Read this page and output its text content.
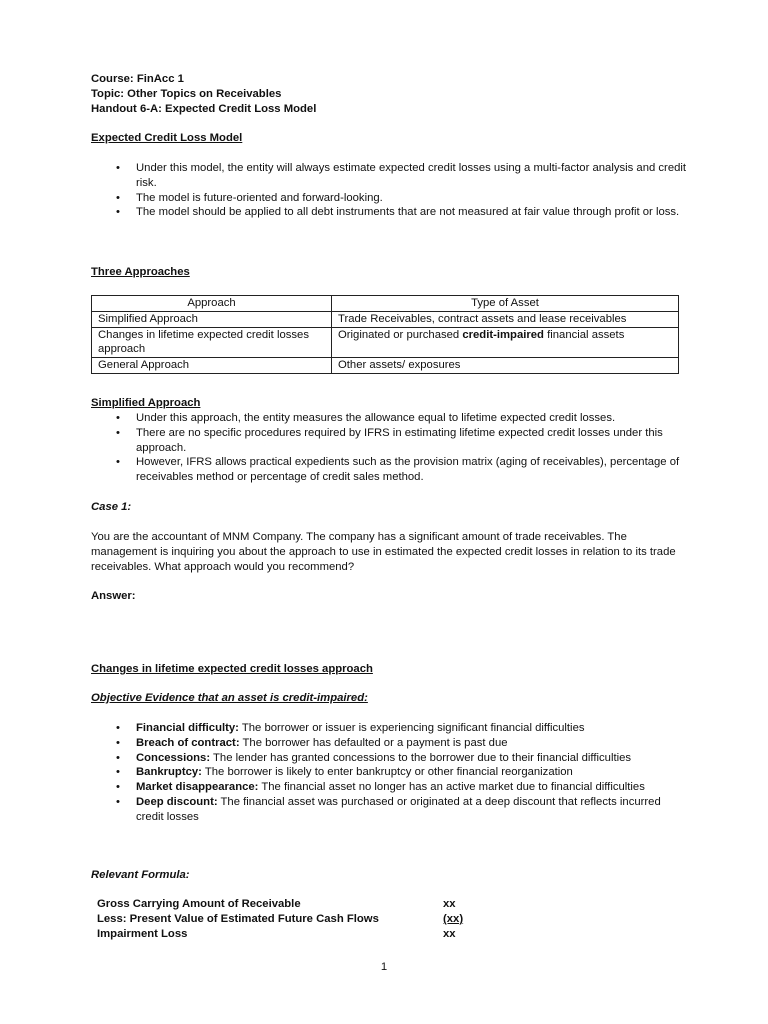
Course: FinAcc 1
Topic: Other Topics on Receivables
Handout 6-A: Expected Credit Loss Model
Expected Credit Loss Model
• Under this model, the entity will always estimate expected credit losses using a multi-factor analysis and credit risk.
• The model is future-oriented and forward-looking.
• The model should be applied to all debt instruments that are not measured at fair value through profit or loss.
Three Approaches
Approach	Type of Asset
Simplified Approach	Trade Receivables, contract assets and lease receivables
Changes in lifetime expected credit losses approach	Originated or purchased credit-impaired financial assets
General Approach	Other assets/ exposures
Simplified Approach
• Under this approach, the entity measures the allowance equal to lifetime expected credit losses.
• There are no specific procedures required by IFRS in estimating lifetime expected credit losses under this approach.
• However, IFRS allows practical expedients such as the provision matrix (aging of receivables), percentage of receivables method or percentage of credit sales method.
Case 1:
You are the accountant of MNM Company. The company has a significant amount of trade receivables. The management is inquiring you about the approach to use in estimated the expected credit losses in relation to its trade receivables. What approach would you recommend?
Answer:
Changes in lifetime expected credit losses approach
Objective Evidence that an asset is credit-impaired:
• Financial difficulty: The borrower or issuer is experiencing significant financial difficulties
• Breach of contract: The borrower has defaulted or a payment is past due
• Concessions: The lender has granted concessions to the borrower due to their financial difficulties
• Bankruptcy: The borrower is likely to enter bankruptcy or other financial reorganization
• Market disappearance: The financial asset no longer has an active market due to financial difficulties
• Deep discount: The financial asset was purchased or originated at a deep discount that reflects incurred credit losses
Relevant Formula:
Gross Carrying Amount of Receivable	xx
Less: Present Value of Estimated Future Cash Flows	(xx)
Impairment Loss	xx
1
